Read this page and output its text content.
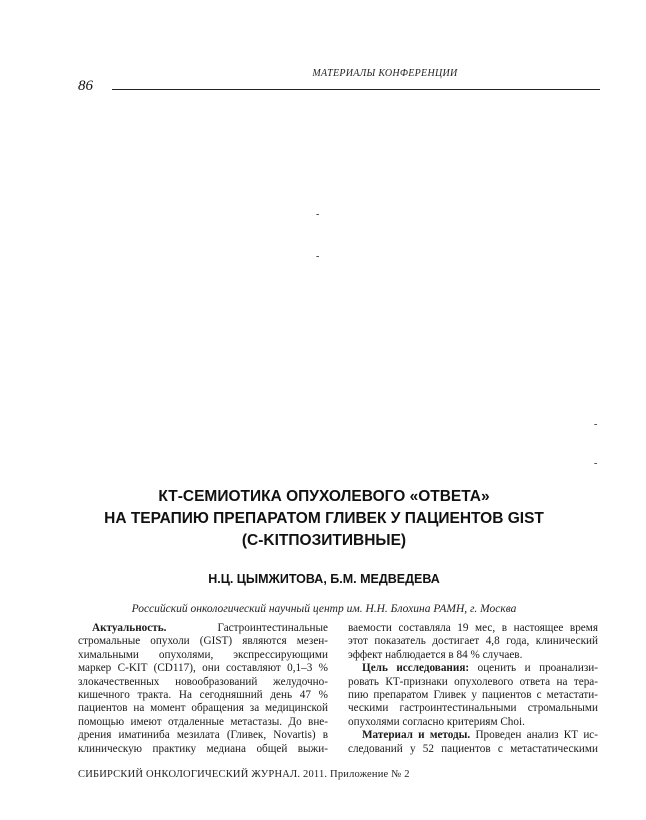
МАТЕРИАЛЫ КОНФЕРЕНЦИИ
86
-
-
-
-
КТ-СЕМИОТИКА ОПУХОЛЕВОГО «ОТВЕТА»
НА ТЕРАПИЮ ПРЕПАРАТОМ ГЛИВЕК У ПАЦИЕНТОВ GIST
(С-KITПОЗИТИВНЫЕ)
Н.Ц. ЦЫМЖИТОВА, Б.М. МЕДВЕДЕВА
Российский онкологический научный центр им. Н.Н. Блохина РАМН, г. Москва
Актуальность. Гастроинтестинальные
стромальные опухоли (GIST) являются мезен-
химальными опухолями, экспрессирующими
маркер C-KIT (CD117), они составляют 0,1–3 %
злокачественных новообразований желудочно-
кишечного тракта. На сегодняшний день 47 %
пациентов на момент обращения за медицинской
помощью имеют отдаленные метастазы. До вне-
дрения иматиниба мезилата (Гливек, Novartis) в
клиническую практику медиана общей выжи-
ваемости составляла 19 мес, в настоящее время
этот показатель достигает 4,8 года, клинический
эффект наблюдается в 84 % случаев.
Цель исследования: оценить и проанализи-
ровать КТ-признаки опухолевого ответа на тера-
пию препаратом Гливек у пациентов с метастати-
ческими гастроинтестинальными стромальными
опухолями согласно критериям Choi.
Материал и методы. Проведен анализ КТ ис-
следований у 52 пациентов с метастатическими
СИБИРСКИЙ ОНКОЛОГИЧЕСКИЙ ЖУРНАЛ. 2011. Приложение № 2
